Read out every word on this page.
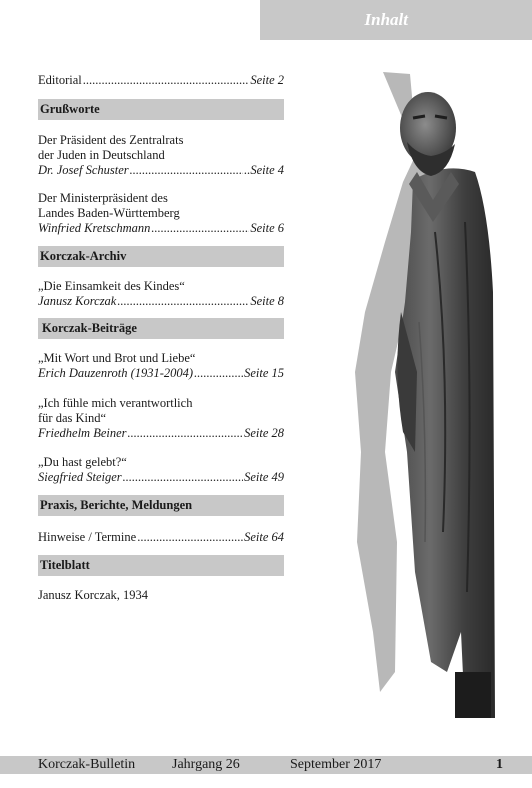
Inhalt
Editorial .....	Seite 2
Grußworte
Der Präsident des Zentralrats
der Juden in Deutschland
Dr. Josef Schuster .....	..Seite 4
Der Ministerpräsident des
Landes Baden-Württemberg
Winfried Kretschmann .....	Seite 6
Korczak-Archiv
„Die Einsamkeit des Kindes“
Janusz Korczak .....	Seite 8
Korczak-Beiträge
„Mit Wort und Brot und Liebe“
Erich Dauzenroth (1931-2004) .....	Seite 15
„Ich fühle mich verantwortlich
für das Kind“
Friedhelm Beiner .....	Seite 28
„Du hast gelebt?“
Siegfried Steiger .....	Seite 49
Praxis, Berichte, Meldungen
Hinweise / Termine .....	Seite 64
Titelblatt
Janusz Korczak, 1934
Korczak-Bulletin	Jahrgang 26	September 2017	1
